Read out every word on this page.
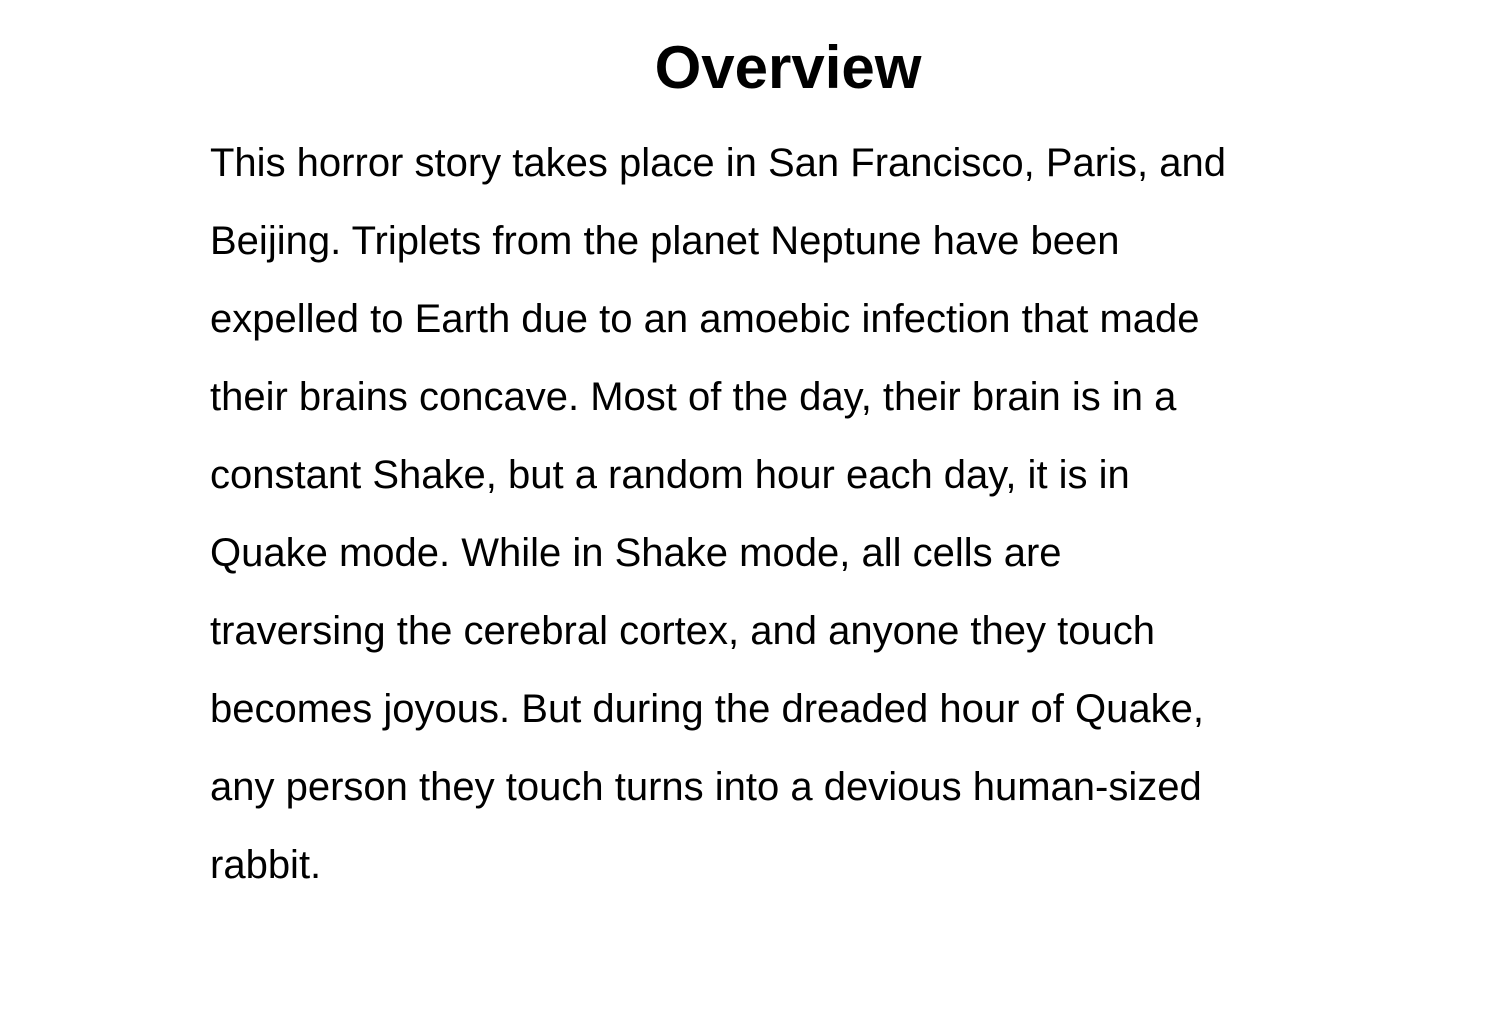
Overview
This horror story takes place in San Francisco, Paris, and
Beijing. Triplets from the planet Neptune have been
expelled to Earth due to an amoebic infection that made
their brains concave. Most of the day, their brain is in a
constant Shake, but a random hour each day, it is in
Quake mode. While in Shake mode, all cells are
traversing the cerebral cortex, and anyone they touch
becomes joyous. But during the dreaded hour of Quake,
any person they touch turns into a devious human-sized
rabbit.
